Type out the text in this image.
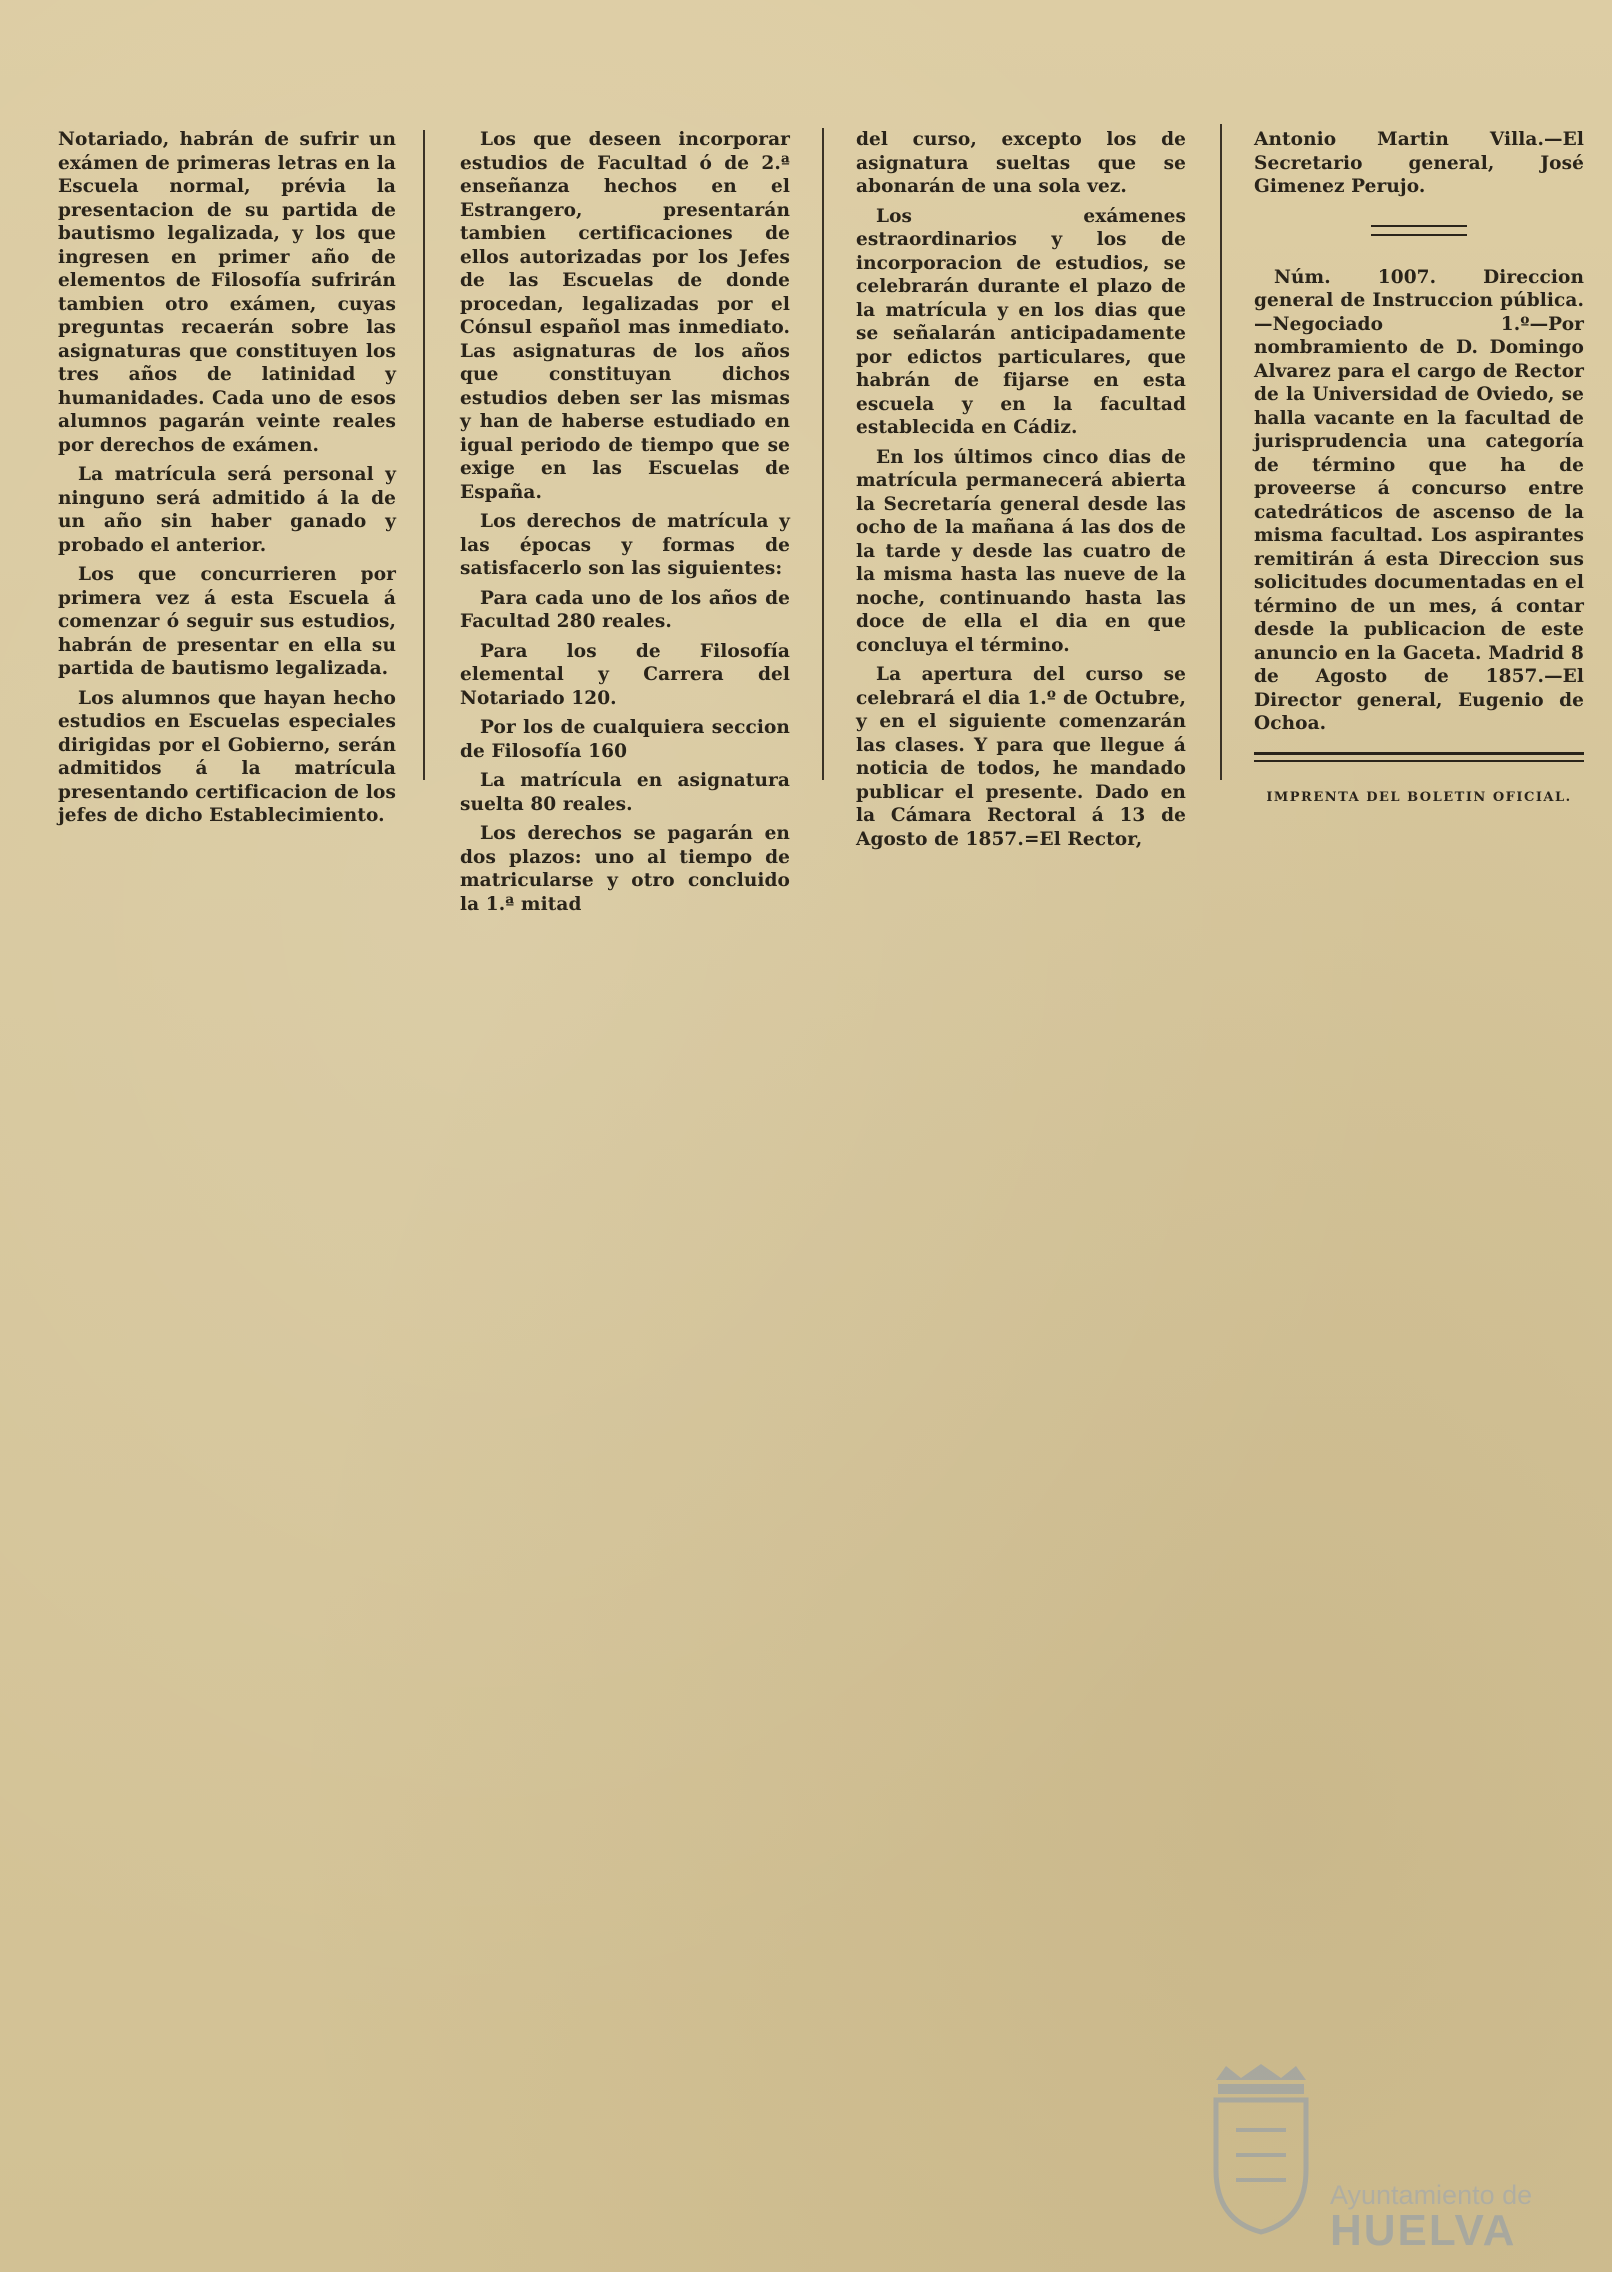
Notariado, habrán de sufrir un exámen de primeras letras en la Escuela normal, prévia la presentacion de su partida de bautismo legalizada, y los que ingresen en primer año de elementos de Filosofía sufrirán tambien otro exámen, cuyas preguntas recaerán sobre las asignaturas que constituyen los tres años de latinidad y humanidades. Cada uno de esos alumnos pagarán veinte reales por derechos de exámen.

La matrícula será personal y ninguno será admitido á la de un año sin haber ganado y probado el anterior.

Los que concurrieren por primera vez á esta Escuela á comenzar ó seguir sus estudios, habrán de presentar en ella su partida de bautismo legalizada.

Los alumnos que hayan hecho estudios en Escuelas especiales dirigidas por el Gobierno, serán admitidos á la matrícula presentando certificacion de los jefes de dicho Establecimiento.

Los que deseen incorporar estudios de Facultad ó de 2.ª enseñanza hechos en el Estrangero, presentarán tambien certificaciones de ellos autorizadas por los Jefes de las Escuelas de donde procedan, legalizadas por el Cónsul español mas inmediato. Las asignaturas de los años que constituyan dichos estudios deben ser las mismas y han de haberse estudiado en igual periodo de tiempo que se exige en las Escuelas de España.

Los derechos de matrícula y las épocas y formas de satisfacerlo son las siguientes:

Para cada uno de los años de Facultad 280 reales.

Para los de Filosofía elemental y Carrera del Notariado 120.

Por los de cualquiera seccion de Filosofía 160

La matrícula en asignatura suelta 80 reales.

Los derechos se pagarán en dos plazos: uno al tiempo de matricularse y otro concluido la 1.ª mitad

del curso, excepto los de asignatura sueltas que se abonarán de una sola vez.

Los exámenes estraordinarios y los de incorporacion de estudios, se celebrarán durante el plazo de la matrícula y en los dias que se señalarán anticipadamente por edictos particulares, que habrán de fijarse en esta escuela y en la facultad establecida en Cádiz.

En los últimos cinco dias de matrícula permanecerá abierta la Secretaría general desde las ocho de la mañana á las dos de la tarde y desde las cuatro de la misma hasta las nueve de la noche, continuando hasta las doce de ella el dia en que concluya el término.

La apertura del curso se celebrará el dia 1.º de Octubre, y en el siguiente comenzarán las clases. Y para que llegue á noticia de todos, he mandado publicar el presente. Dado en la Cámara Rectoral á 13 de Agosto de 1857.=El Rector,

Antonio Martin Villa.—El Secretario general, José Gimenez Perujo.

Núm. 1007. Direccion general de Instruccion pública.—Negociado 1.º—Por nombramiento de D. Domingo Alvarez para el cargo de Rector de la Universidad de Oviedo, se halla vacante en la facultad de jurisprudencia una categoría de término que ha de proveerse á concurso entre catedráticos de ascenso de la misma facultad. Los aspirantes remitirán á esta Direccion sus solicitudes documentadas en el término de un mes, á contar desde la publicacion de este anuncio en la Gaceta. Madrid 8 de Agosto de 1857.—El Director general, Eugenio de Ochoa.

IMPRENTA DEL BOLETIN OFICIAL.
Ayuntamiento de
HUELVA
